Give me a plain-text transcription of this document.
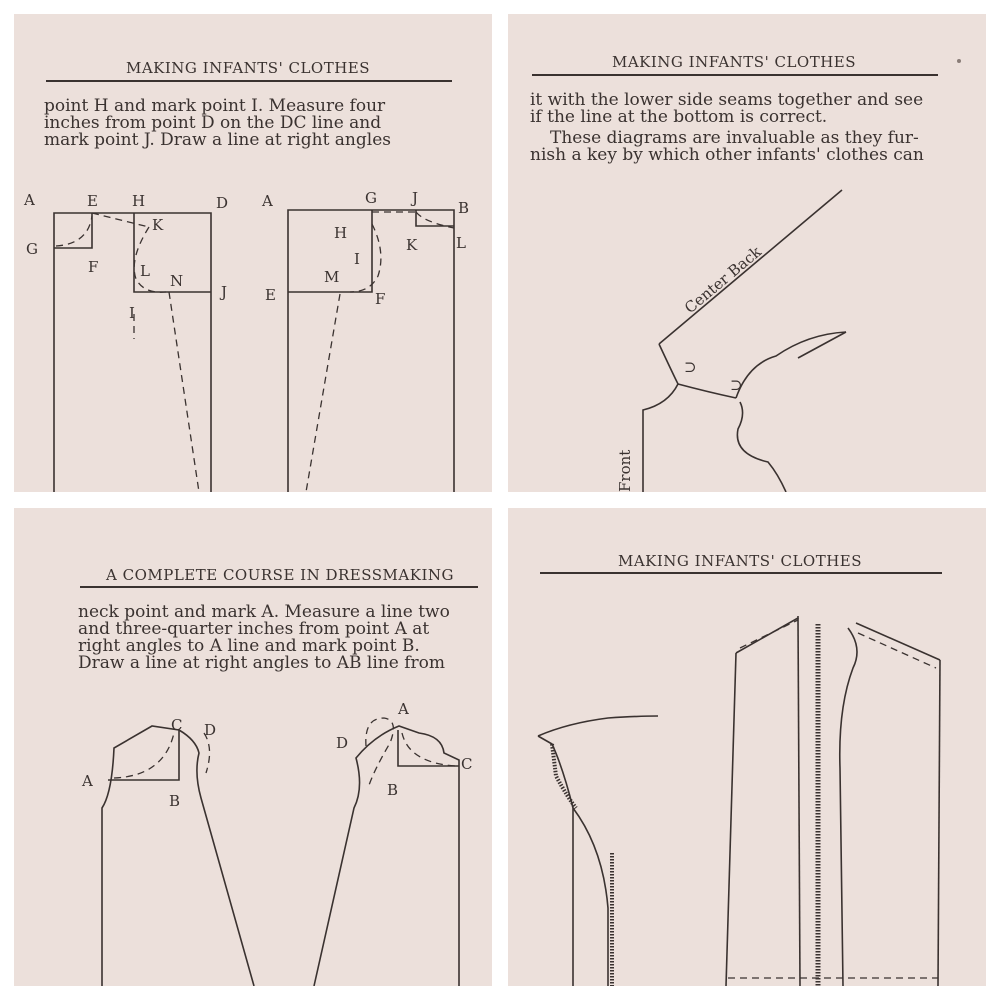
MAKING INFANTS' CLOTHES

point H and mark point I. Measure four

inches from point D on the DC line and

mark point J. Draw a line at right angles

A	E H	D
K
G
F	L
N
J
I
A	G J
B
H
K	L
I
M
E	F
MAKING INFANTS' CLOTHES

it with the lower side seams together and see

if the line at the bottom is correct.

These diagrams are invaluable as they fur-

nish a key by which other infants' clothes can

⊃
⊃
Center Back
Front
A COMPLETE COURSE IN DRESSMAKING

neck point and mark A. Measure a line two

and three-quarter inches from point A at

right angles to A line and mark point B.

Draw a line at right angles to AB line from

C D
A
B
A
D
C
B
MAKING INFANTS' CLOTHES
